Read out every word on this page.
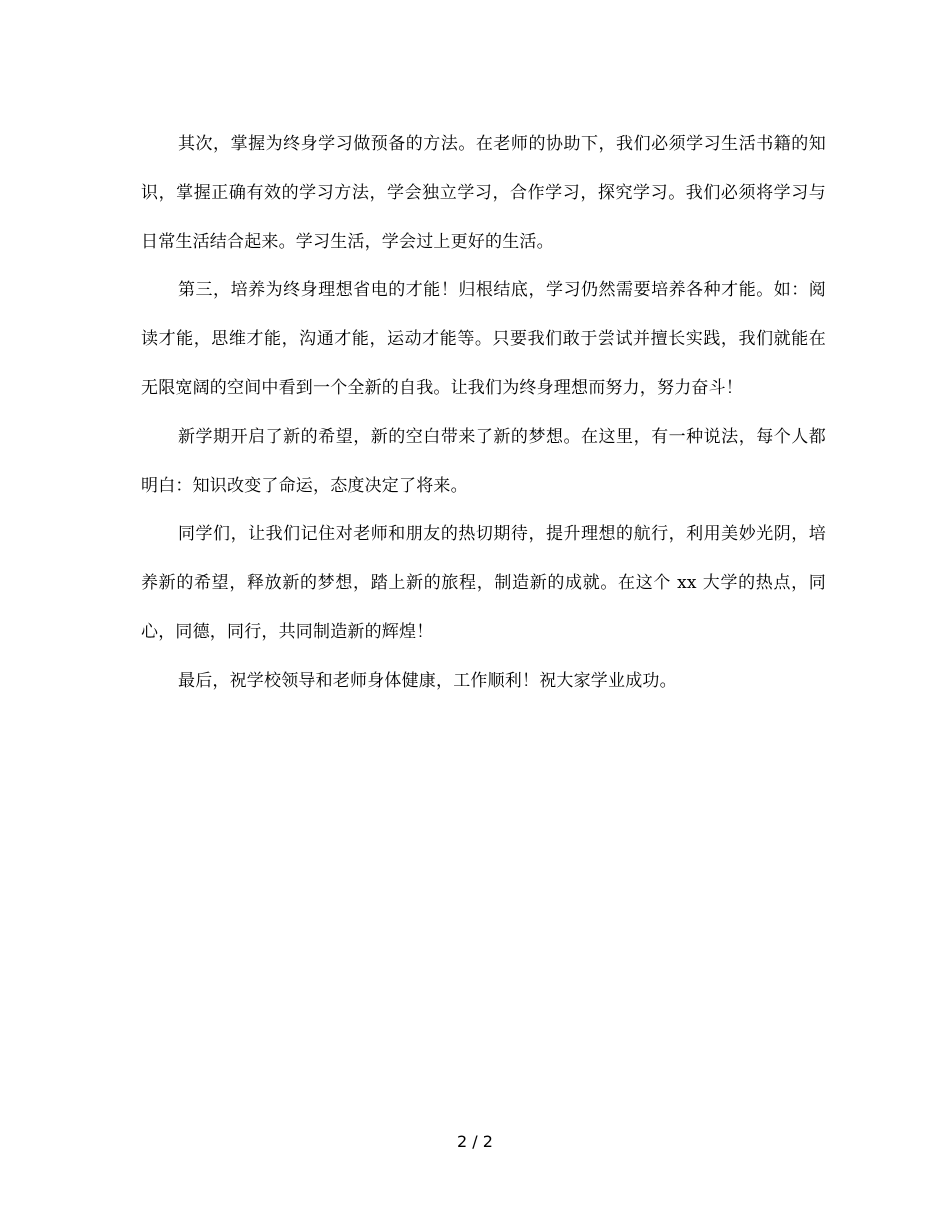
其次，掌握为终身学习做预备的方法。在老师的协助下，我们必须学习生活书籍的知识，掌握正确有效的学习方法，学会独立学习，合作学习，探究学习。我们必须将学习与日常生活结合起来。学习生活，学会过上更好的生活。

第三，培养为终身理想省电的才能！归根结底，学习仍然需要培养各种才能。如：阅读才能，思维才能，沟通才能，运动才能等。只要我们敢于尝试并擅长实践，我们就能在无限宽阔的空间中看到一个全新的自我。让我们为终身理想而努力，努力奋斗！

新学期开启了新的希望，新的空白带来了新的梦想。在这里，有一种说法，每个人都明白：知识改变了命运，态度决定了将来。

同学们，让我们记住对老师和朋友的热切期待，提升理想的航行，利用美妙光阴，培养新的希望，释放新的梦想，踏上新的旅程，制造新的成就。在这个 xx 大学的热点，同心，同德，同行，共同制造新的辉煌！

最后，祝学校领导和老师身体健康，工作顺利！祝大家学业成功。

2 / 2
